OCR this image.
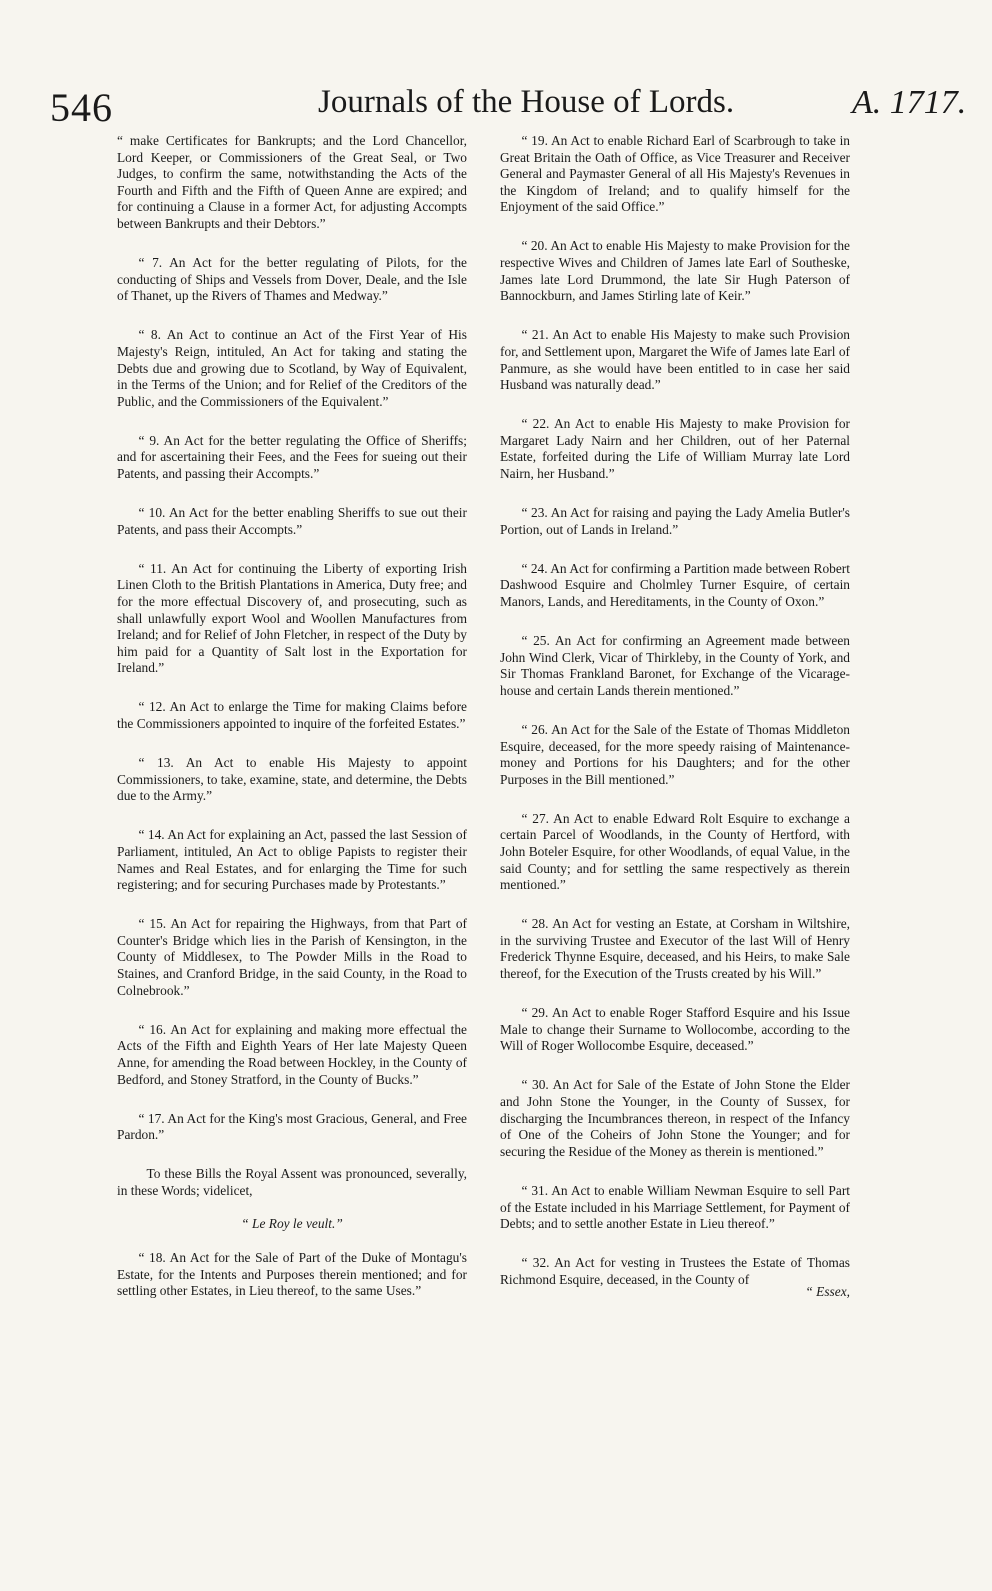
546	Journals of the House of Lords.	A. 1717.

“ make Certificates for Bankrupts; and the Lord Chancellor, Lord Keeper, or Commissioners of the Great Seal, or Two Judges, to confirm the same, notwithstanding the Acts of the Fourth and Fifth and the Fifth of Queen Anne are expired; and for continuing a Clause in a former Act, for adjusting Accompts between Bankrupts and their Debtors.”

“ 7. An Act for the better regulating of Pilots, for the conducting of Ships and Vessels from Dover, Deale, and the Isle of Thanet, up the Rivers of Thames and Medway.”

“ 8. An Act to continue an Act of the First Year of His Majesty's Reign, intituled, An Act for taking and stating the Debts due and growing due to Scotland, by Way of Equivalent, in the Terms of the Union; and for Relief of the Creditors of the Public, and the Commissioners of the Equivalent.”

“ 9. An Act for the better regulating the Office of Sheriffs; and for ascertaining their Fees, and the Fees for sueing out their Patents, and passing their Accompts.”

“ 10. An Act for the better enabling Sheriffs to sue out their Patents, and pass their Accompts.”

“ 11. An Act for continuing the Liberty of exporting Irish Linen Cloth to the British Plantations in America, Duty free; and for the more effectual Discovery of, and prosecuting, such as shall unlawfully export Wool and Woollen Manufactures from Ireland; and for Relief of John Fletcher, in respect of the Duty by him paid for a Quantity of Salt lost in the Exportation for Ireland.”

“ 12. An Act to enlarge the Time for making Claims before the Commissioners appointed to inquire of the forfeited Estates.”

“ 13. An Act to enable His Majesty to appoint Commissioners, to take, examine, state, and determine, the Debts due to the Army.”

“ 14. An Act for explaining an Act, passed the last Session of Parliament, intituled, An Act to oblige Papists to register their Names and Real Estates, and for enlarging the Time for such registering; and for securing Purchases made by Protestants.”

“ 15. An Act for repairing the Highways, from that Part of Counter's Bridge which lies in the Parish of Kensington, in the County of Middlesex, to The Powder Mills in the Road to Staines, and Cranford Bridge, in the said County, in the Road to Colnebrook.”

“ 16. An Act for explaining and making more effectual the Acts of the Fifth and Eighth Years of Her late Majesty Queen Anne, for amending the Road between Hockley, in the County of Bedford, and Stoney Stratford, in the County of Bucks.”

“ 17. An Act for the King's most Gracious, General, and Free Pardon.”

To these Bills the Royal Assent was pronounced, severally, in these Words; videlicet,

“ Le Roy le veult.”

“ 18. An Act for the Sale of Part of the Duke of Montagu's Estate, for the Intents and Purposes therein mentioned; and for settling other Estates, in Lieu thereof, to the same Uses.”

“ 19. An Act to enable Richard Earl of Scarbrough to take in Great Britain the Oath of Office, as Vice Treasurer and Receiver General and Paymaster General of all His Majesty's Revenues in the Kingdom of Ireland; and to qualify himself for the Enjoyment of the said Office.”

“ 20. An Act to enable His Majesty to make Provision for the respective Wives and Children of James late Earl of Southeske, James late Lord Drummond, the late Sir Hugh Paterson of Bannockburn, and James Stirling late of Keir.”

“ 21. An Act to enable His Majesty to make such Provision for, and Settlement upon, Margaret the Wife of James late Earl of Panmure, as she would have been entitled to in case her said Husband was naturally dead.”

“ 22. An Act to enable His Majesty to make Provision for Margaret Lady Nairn and her Children, out of her Paternal Estate, forfeited during the Life of William Murray late Lord Nairn, her Husband.”

“ 23. An Act for raising and paying the Lady Amelia Butler's Portion, out of Lands in Ireland.”

“ 24. An Act for confirming a Partition made between Robert Dashwood Esquire and Cholmley Turner Esquire, of certain Manors, Lands, and Hereditaments, in the County of Oxon.”

“ 25. An Act for confirming an Agreement made between John Wind Clerk, Vicar of Thirkleby, in the County of York, and Sir Thomas Frankland Baronet, for Exchange of the Vicarage-house and certain Lands therein mentioned.”

“ 26. An Act for the Sale of the Estate of Thomas Middleton Esquire, deceased, for the more speedy raising of Maintenance-money and Portions for his Daughters; and for the other Purposes in the Bill mentioned.”

“ 27. An Act to enable Edward Rolt Esquire to exchange a certain Parcel of Woodlands, in the County of Hertford, with John Boteler Esquire, for other Woodlands, of equal Value, in the said County; and for settling the same respectively as therein mentioned.”

“ 28. An Act for vesting an Estate, at Corsham in Wiltshire, in the surviving Trustee and Executor of the last Will of Henry Frederick Thynne Esquire, deceased, and his Heirs, to make Sale thereof, for the Execution of the Trusts created by his Will.”

“ 29. An Act to enable Roger Stafford Esquire and his Issue Male to change their Surname to Wollocombe, according to the Will of Roger Wollocombe Esquire, deceased.”

“ 30. An Act for Sale of the Estate of John Stone the Elder and John Stone the Younger, in the County of Sussex, for discharging the Incumbrances thereon, in respect of the Infancy of One of the Coheirs of John Stone the Younger; and for securing the Residue of the Money as therein is mentioned.”

“ 31. An Act to enable William Newman Esquire to sell Part of the Estate included in his Marriage Settlement, for Payment of Debts; and to settle another Estate in Lieu thereof.”

“ 32. An Act for vesting in Trustees the Estate of Thomas Richmond Esquire, deceased, in the County of

“ Essex,
